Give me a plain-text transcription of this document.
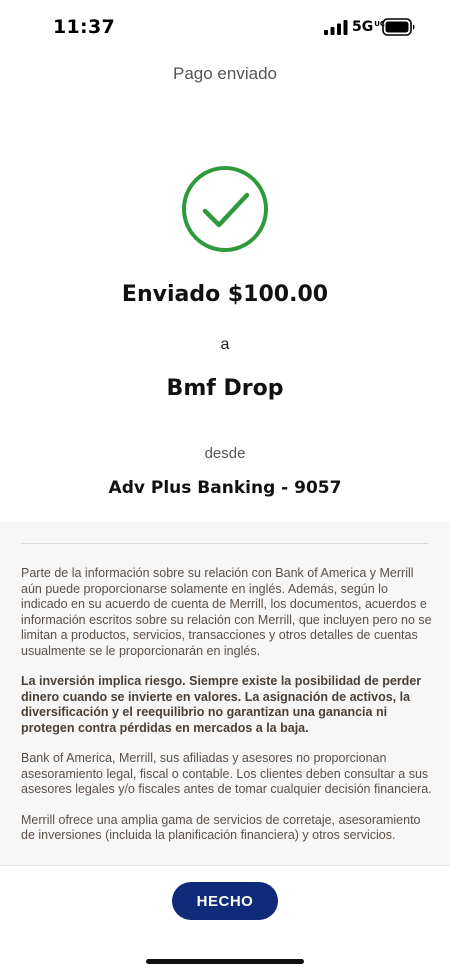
11:37	$5G^{UC}$
Pago enviado
Enviado $100.00
a
Bmf Drop
desde
Adv Plus Banking - 9057

Parte de la información sobre su relación con Bank of America y Merrill aún puede proporcionarse solamente en inglés. Además, según lo indicado en su acuerdo de cuenta de Merrill, los documentos, acuerdos e información escritos sobre su relación con Merrill, que incluyen pero no se limitan a productos, servicios, transacciones y otros detalles de cuentas usualmente se le proporcionarán en inglés.

La inversión implica riesgo. Siempre existe la posibilidad de perder dinero cuando se invierte en valores. La asignación de activos, la diversificación y el reequilibrio no garantizan una ganancia ni protegen contra pérdidas en mercados a la baja.

Bank of America, Merrill, sus afiliadas y asesores no proporcionan asesoramiento legal, fiscal o contable. Los clientes deben consultar a sus asesores legales y/o fiscales antes de tomar cualquier decisión financiera.

Merrill ofrece una amplia gama de servicios de corretaje, asesoramiento de inversiones (incluida la planificación financiera) y otros servicios.

HECHO
